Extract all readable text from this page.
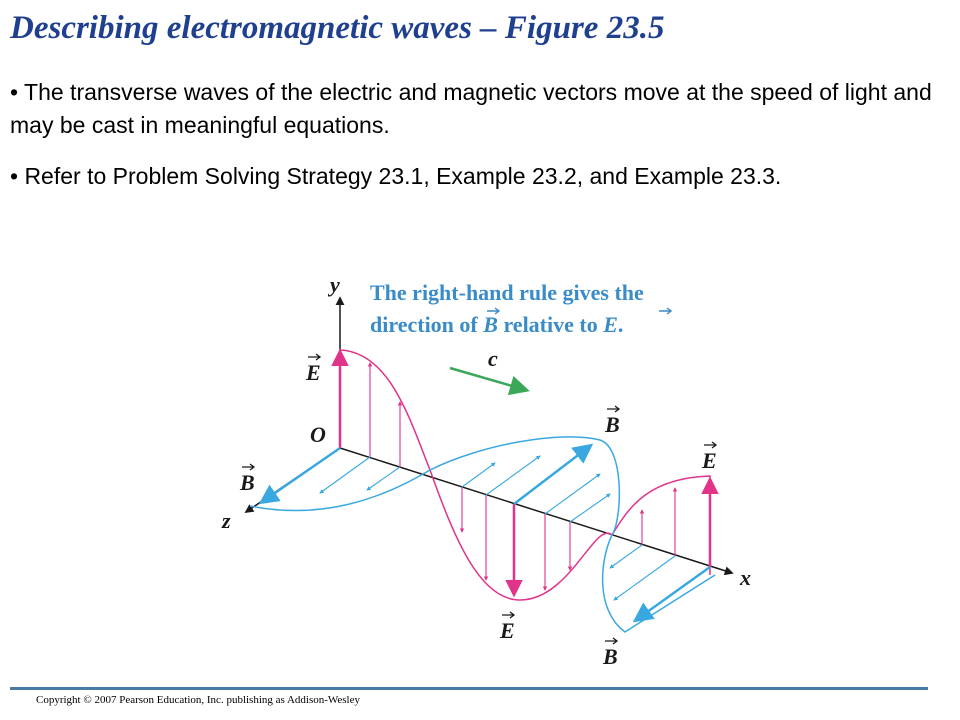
Describing electromagnetic waves – Figure 23.5

• The transverse waves of the electric and magnetic vectors move at the speed of light and may be cast in meaningful equations.

• Refer to Problem Solving Strategy 23.1, Example 23.2, and Example 23.3.

The right-hand rule gives the
direction of B relative to E.
y
x
z
O
c
E
B
B
E
E
B
Copyright © 2007 Pearson Education, Inc. publishing as Addison-Wesley
